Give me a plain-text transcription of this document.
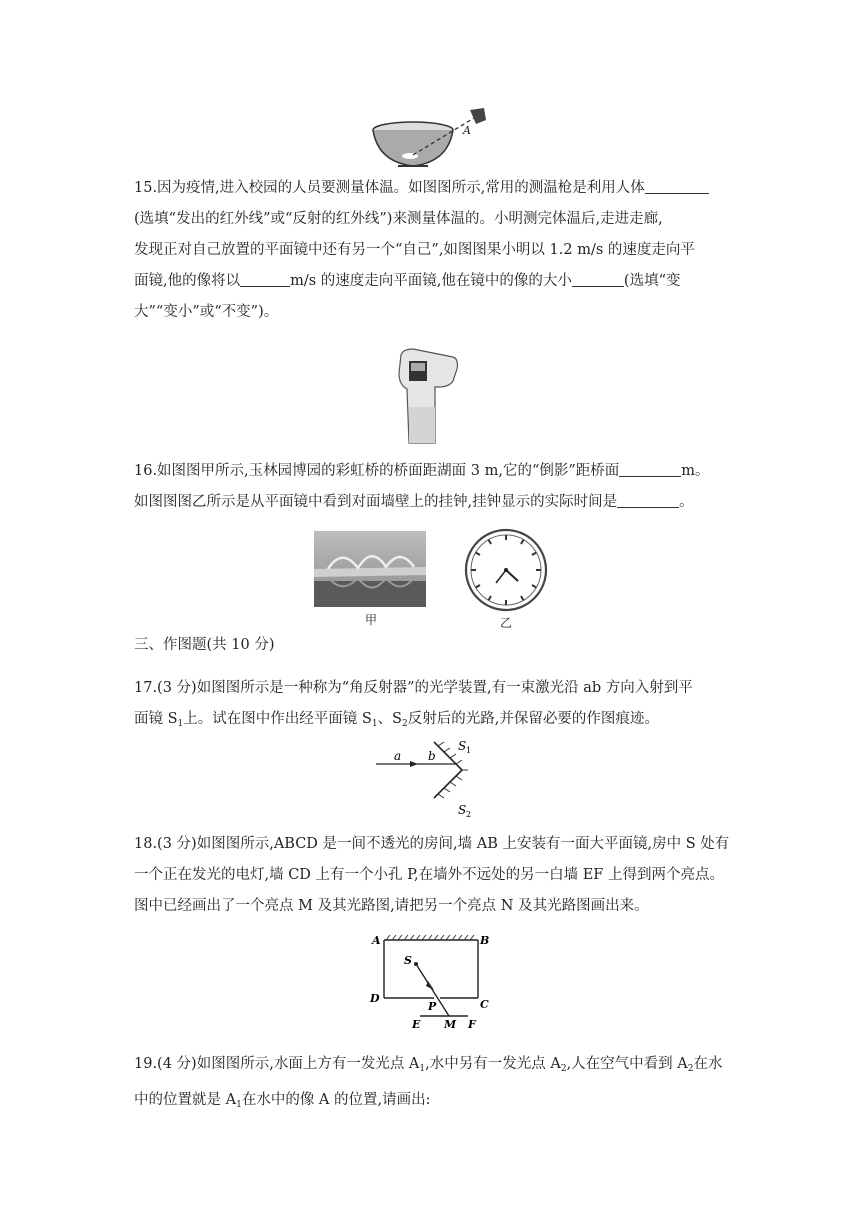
A

15.因为疫情,进入校园的人员要测量体温。如图图所示,常用的测温枪是利用人体

(选填“发出的红外线”或“反射的红外线”)来测量体温的。小明测完体温后,走进走廊,

发现正对自己放置的平面镜中还有另一个“自己”,如图图果小明以 1.2 m/s 的速度走向平

面镜,他的像将以	m/s 的速度走向平面镜,他在镜中的像的大小	(选填“变

大”“变小”或“不变”)。

16.如图图甲所示,玉林园博园的彩虹桥的桥面距湖面 3 m,它的“倒影”距桥面	m。

如图图图乙所示是从平面镜中看到对面墙壁上的挂钟,挂钟显示的实际时间是	。

甲	乙
三、作图题(共 10 分)

17.(3 分)如图图所示是一种称为“角反射器”的光学装置,有一束激光沿 ab 方向入射到平

面镜 $S_1$上。试在图中作出经平面镜 $S_1$、$S_2$反射后的光路,并保留必要的作图痕迹。

a b
S 1
S 2

18.(3 分)如图图所示,ABCD 是一间不透光的房间,墙 AB 上安装有一面大平面镜,房中 S 处有

一个正在发光的电灯,墙 CD 上有一个小孔 P,在墙外不远处的另一白墙 EF 上得到两个亮点。

图中已经画出了一个亮点 M 及其光路图,请把另一个亮点 N 及其光路图画出来。

A	B
C
D
S
P
E M F

19.(4 分)如图图所示,水面上方有一发光点 $A_1$,水中另有一发光点 $A_2$,人在空气中看到 $A_2$在水

中的位置就是 $A_1$在水中的像 A 的位置,请画出:
